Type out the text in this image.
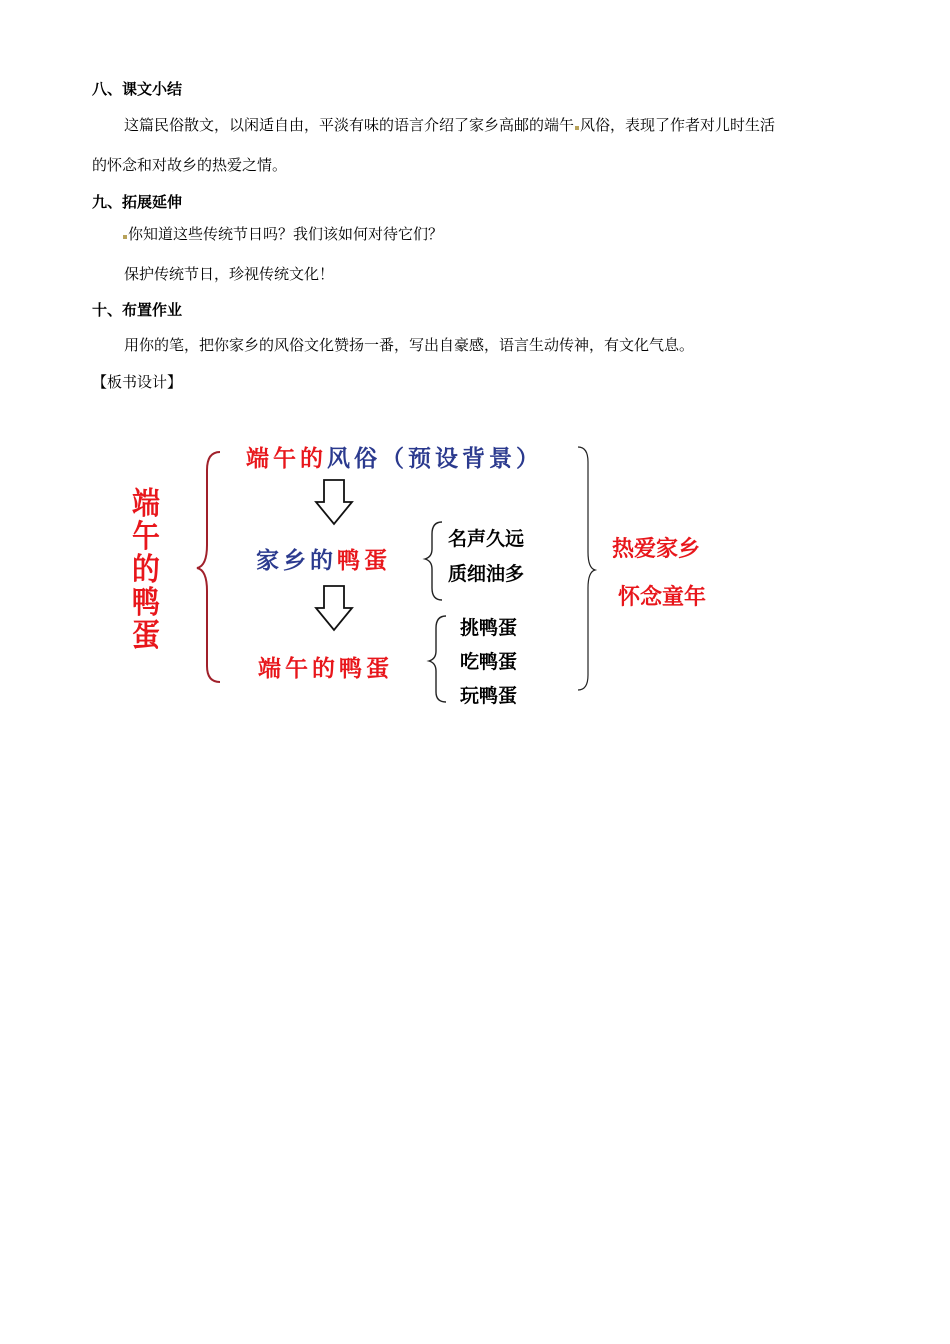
八、课文小结
这篇民俗散文，以闲适自由，平淡有味的语言介绍了家乡高邮的端午 风俗，表现了作者对儿时生活
的怀念和对故乡的热爱之情。
九、拓展延伸
你知道这些传统节日吗？我们该如何对待它们？
保护传统节日，珍视传统文化！
十、布置作业
用你的笔，把你家乡的风俗文化赞扬一番，写出自豪感，语言生动传神，有文化气息。
【板书设计】
端午的鸭蛋
端午的风俗（预设背景）
家乡的鸭蛋
名声久远
质细油多
端午的鸭蛋
挑鸭蛋
吃鸭蛋
玩鸭蛋
热爱家乡
怀念童年
